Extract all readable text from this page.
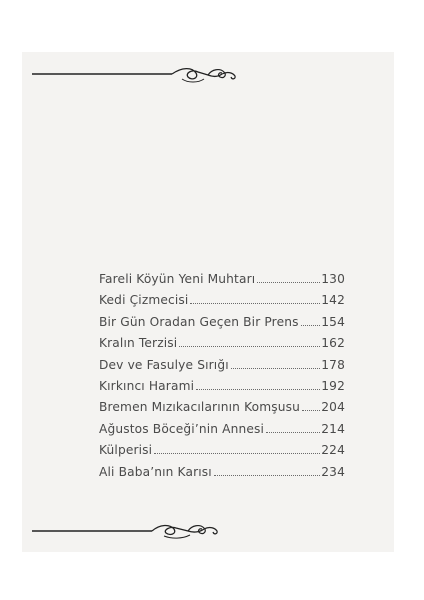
Fareli Köyün Yeni Muhtarı	130
Kedi Çizmecisi	142
Bir Gün Oradan Geçen Bir Prens 154
Kralın Terzisi	162
Dev ve Fasulye Sırığı	178
Kırkıncı Harami	192
Bremen Mızıkacılarının Komşusu 204
Ağustos Böceği’nin Annesi	214
Külperisi	224
Ali Baba’nın Karısı	234
